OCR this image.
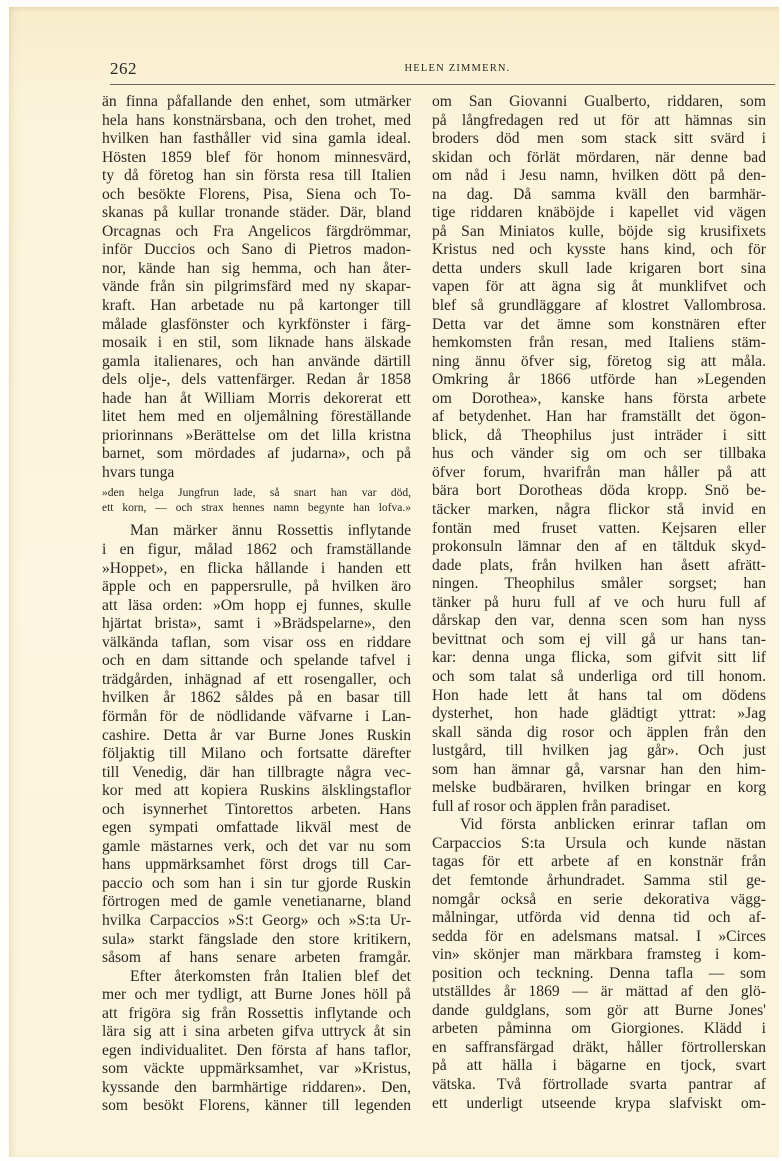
262	HELEN ZIMMERN.
än finna påfallande den enhet, som utmärker
hela hans konstnärsbana, och den trohet, med
hvilken han fasthåller vid sina gamla ideal.
Hösten 1859 blef för honom minnesvärd,
ty då företog han sin första resa till Italien
och besökte Florens, Pisa, Siena och To-
skanas på kullar tronande städer. Där, bland
Orcagnas och Fra Angelicos färgdrömmar,
inför Duccios och Sano di Pietros madon-
nor, kände han sig hemma, och han åter-
vände från sin pilgrimsfärd med ny skapar-
kraft. Han arbetade nu på kartonger till
målade glasfönster och kyrkfönster i färg-
mosaik i en stil, som liknade hans älskade
gamla italienares, och han använde därtill
dels olje-, dels vattenfärger. Redan år 1858
hade han åt William Morris dekorerat ett
litet hem med en oljemålning föreställande
priorinnans »Berättelse om det lilla kristna
barnet, som mördades af judarna», och på
hvars tunga
»den helga Jungfrun lade, så snart han var död,
ett korn, — och strax hennes namn begynte han lofva.»
Man märker ännu Rossettis inflytande
i en figur, målad 1862 och framställande
»Hoppet», en flicka hållande i handen ett
äpple och en pappersrulle, på hvilken äro
att läsa orden: »Om hopp ej funnes, skulle
hjärtat brista», samt i »Brädspelarne», den
välkända taflan, som visar oss en riddare
och en dam sittande och spelande tafvel i
trädgården, inhägnad af ett rosengaller, och
hvilken år 1862 såldes på en basar till
förmån för de nödlidande väfvarne i Lan-
cashire. Detta år var Burne Jones Ruskin
följaktig till Milano och fortsatte därefter
till Venedig, där han tillbragte några vec-
kor med att kopiera Ruskins älsklingstaflor
och isynnerhet Tintorettos arbeten. Hans
egen sympati omfattade likväl mest de
gamle mästarnes verk, och det var nu som
hans uppmärksamhet först drogs till Car-
paccio och som han i sin tur gjorde Ruskin
förtrogen med de gamle venetianarne, bland
hvilka Carpaccios »S:t Georg» och »S:ta Ur-
sula» starkt fängslade den store kritikern,
såsom af hans senare arbeten framgår.
Efter återkomsten från Italien blef det
mer och mer tydligt, att Burne Jones höll på
att frigöra sig från Rossettis inflytande och
lära sig att i sina arbeten gifva uttryck åt sin
egen individualitet. Den första af hans taflor,
som väckte uppmärksamhet, var »Kristus,
kyssande den barmhärtige riddaren». Den,
som besökt Florens, känner till legenden
om San Giovanni Gualberto, riddaren, som
på långfredagen red ut för att hämnas sin
broders död men som stack sitt svärd i
skidan och förlät mördaren, när denne bad
om nåd i Jesu namn, hvilken dött på den-
na dag. Då samma kväll den barmhär-
tige riddaren knäböjde i kapellet vid vägen
på San Miniatos kulle, böjde sig krusifixets
Kristus ned och kysste hans kind, och för
detta unders skull lade krigaren bort sina
vapen för att ägna sig åt munklifvet och
blef så grundläggare af klostret Vallombrosa.
Detta var det ämne som konstnären efter
hemkomsten från resan, med Italiens stäm-
ning ännu öfver sig, företog sig att måla.
Omkring år 1866 utförde han »Legenden
om Dorothea», kanske hans första arbete
af betydenhet. Han har framställt det ögon-
blick, då Theophilus just inträder i sitt
hus och vänder sig om och ser tillbaka
öfver forum, hvarifrån man håller på att
bära bort Dorotheas döda kropp. Snö be-
täcker marken, några flickor stå invid en
fontän med fruset vatten. Kejsaren eller
prokonsuln lämnar den af en tältduk skyd-
dade plats, från hvilken han åsett afrätt-
ningen. Theophilus småler sorgset; han
tänker på huru full af ve och huru full af
dårskap den var, denna scen som han nyss
bevittnat och som ej vill gå ur hans tan-
kar: denna unga flicka, som gifvit sitt lif
och som talat så underliga ord till honom.
Hon hade lett åt hans tal om dödens
dysterhet, hon hade glädtigt yttrat: »Jag
skall sända dig rosor och äpplen från den
lustgård, till hvilken jag går». Och just
som han ämnar gå, varsnar han den him-
melske budbäraren, hvilken bringar en korg
full af rosor och äpplen från paradiset.
Vid första anblicken erinrar taflan om
Carpaccios S:ta Ursula och kunde nästan
tagas för ett arbete af en konstnär från
det femtonde århundradet. Samma stil ge-
nomgår också en serie dekorativa vägg-
målningar, utförda vid denna tid och af-
sedda för en adelsmans matsal. I »Circes
vin» skönjer man märkbara framsteg i kom-
position och teckning. Denna tafla — som
utställdes år 1869 — är mättad af den glö-
dande guldglans, som gör att Burne Jones'
arbeten påminna om Giorgiones. Klädd i
en saffransfärgad dräkt, håller förtrollerskan
på att hälla i bägarne en tjock, svart
vätska. Två förtrollade svarta pantrar af
ett underligt utseende krypa slafviskt om-
